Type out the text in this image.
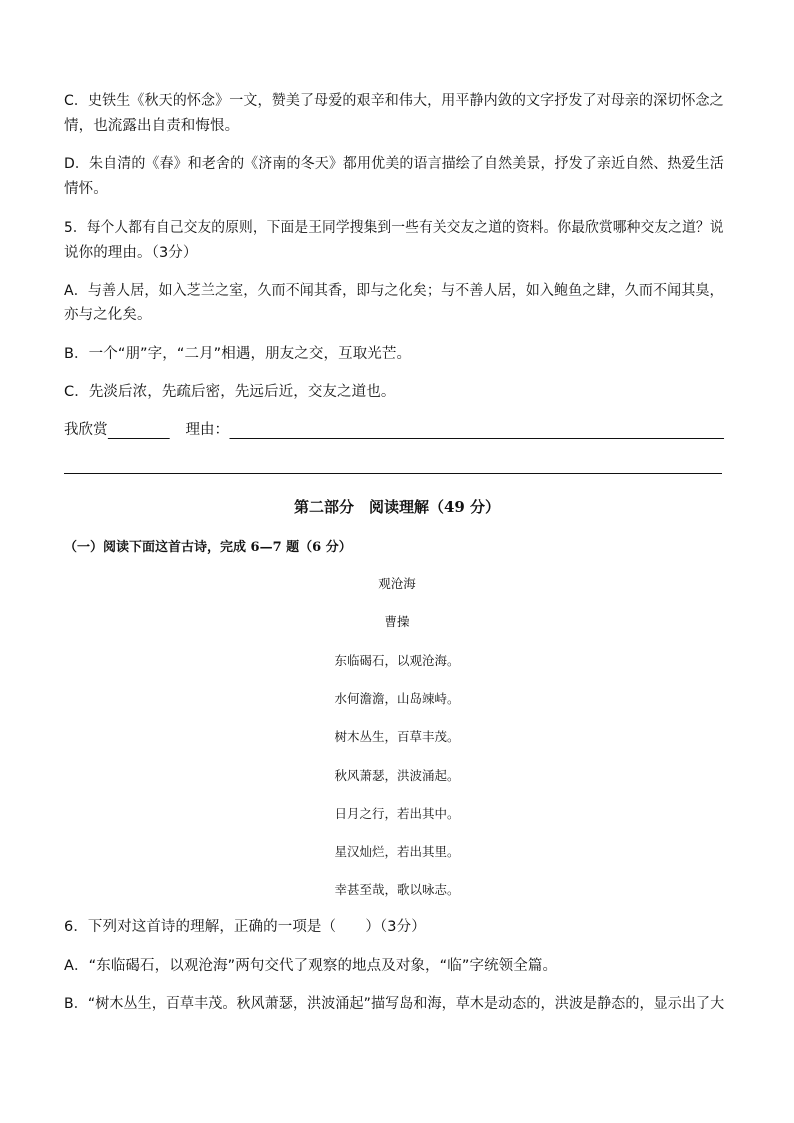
C．史铁生《秋天的怀念》一文，赞美了母爱的艰辛和伟大，用平静内敛的文字抒发了对母亲的深切怀念之
情，也流露出自责和悔恨。
D．朱自清的《春》和老舍的《济南的冬天》都用优美的语言描绘了自然美景，抒发了亲近自然、热爱生活
情怀。
5．每个人都有自己交友的原则，下面是王同学搜集到一些有关交友之道的资料。你最欣赏哪种交友之道？说
说你的理由。（3分）
A．与善人居，如入芝兰之室，久而不闻其香，即与之化矣；与不善人居，如入鲍鱼之肆，久而不闻其臭，
亦与之化矣。
B．一个“朋”字，“二月”相遇，朋友之交，互取光芒。
C．先淡后浓，先疏后密，先远后近，交友之道也。
我欣赏	理由：
第二部分　阅读理解（49 分）
（一）阅读下面这首古诗，完成 6—7 题（6 分）
观沧海
曹操
东临碣石，以观沧海。
水何澹澹，山岛竦峙。
树木丛生，百草丰茂。
秋风萧瑟，洪波涌起。
日月之行，若出其中。
星汉灿烂，若出其里。
幸甚至哉，歌以咏志。
6．下列对这首诗的理解，正确的一项是（　　）（3分）
A．“东临碣石，以观沧海”两句交代了观察的地点及对象，“临”字统领全篇。
B．“树木丛生，百草丰茂。秋风萧瑟，洪波涌起”描写岛和海，草木是动态的，洪波是静态的，显示出了大
